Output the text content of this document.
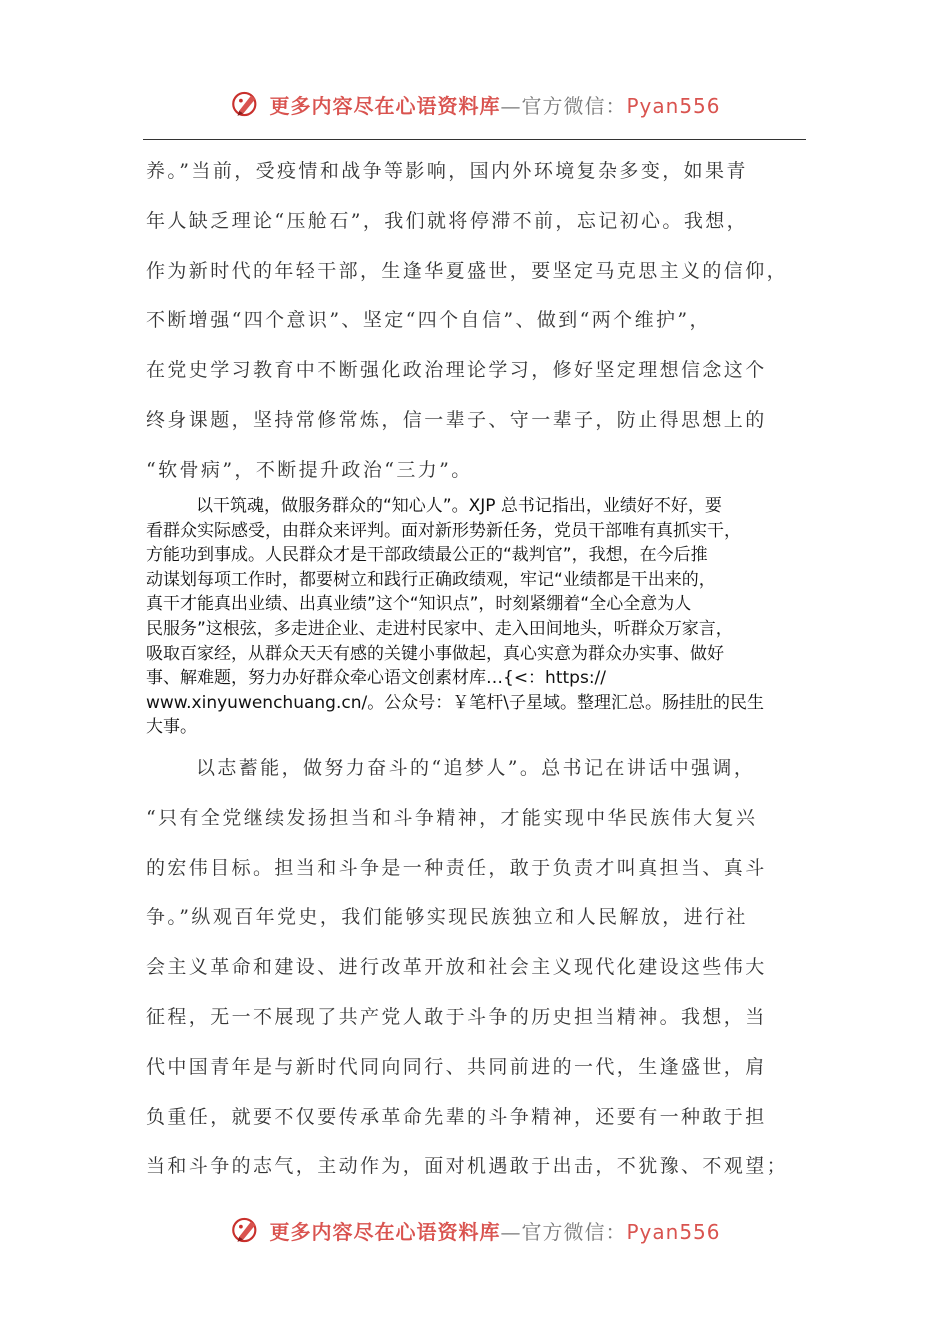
更多内容尽在心语资料库—官方微信：Pyan556

养。”当前，受疫情和战争等影响，国内外环境复杂多变，如果青
年人缺乏理论“压舱石”，我们就将停滞不前，忘记初心。我想，
作为新时代的年轻干部，生逢华夏盛世，要坚定马克思主义的信仰，
不断增强“四个意识”、坚定“四个自信”、做到“两个维护”，
在党史学习教育中不断强化政治理论学习，修好坚定理想信念这个
终身课题，坚持常修常炼，信一辈子、守一辈子，防止得思想上的
“软骨病”，不断提升政治“三力”。

以干筑魂，做服务群众的“知心人”。XJP 总书记指出，业绩好不好，要
看群众实际感受，由群众来评判。面对新形势新任务，党员干部唯有真抓实干，
方能功到事成。人民群众才是干部政绩最公正的“裁判官”，我想，在今后推
动谋划每项工作时，都要树立和践行正确政绩观，牢记“业绩都是干出来的，
真干才能真出业绩、出真业绩”这个“知识点”，时刻紧绷着“全心全意为人
民服务”这根弦，多走进企业、走进村民家中、走入田间地头，听群众万家言，
吸取百家经，从群众天天有感的关键小事做起，真心实意为群众办实事、做好
事、解难题，努力办好群众牵心语文创素材库…{<：https://
www.xinyuwenchuang.cn/。公众号：￥笔杆\子星域。整理汇总。肠挂肚的民生
大事。

以志蓄能，做努力奋斗的“追梦人”。总书记在讲话中强调，
“只有全党继续发扬担当和斗争精神，才能实现中华民族伟大复兴
的宏伟目标。担当和斗争是一种责任，敢于负责才叫真担当、真斗
争。”纵观百年党史，我们能够实现民族独立和人民解放，进行社
会主义革命和建设、进行改革开放和社会主义现代化建设这些伟大
征程，无一不展现了共产党人敢于斗争的历史担当精神。我想，当
代中国青年是与新时代同向同行、共同前进的一代，生逢盛世，肩
负重任，就要不仅要传承革命先辈的斗争精神，还要有一种敢于担
当和斗争的志气，主动作为，面对机遇敢于出击，不犹豫、不观望；

更多内容尽在心语资料库—官方微信：Pyan556
